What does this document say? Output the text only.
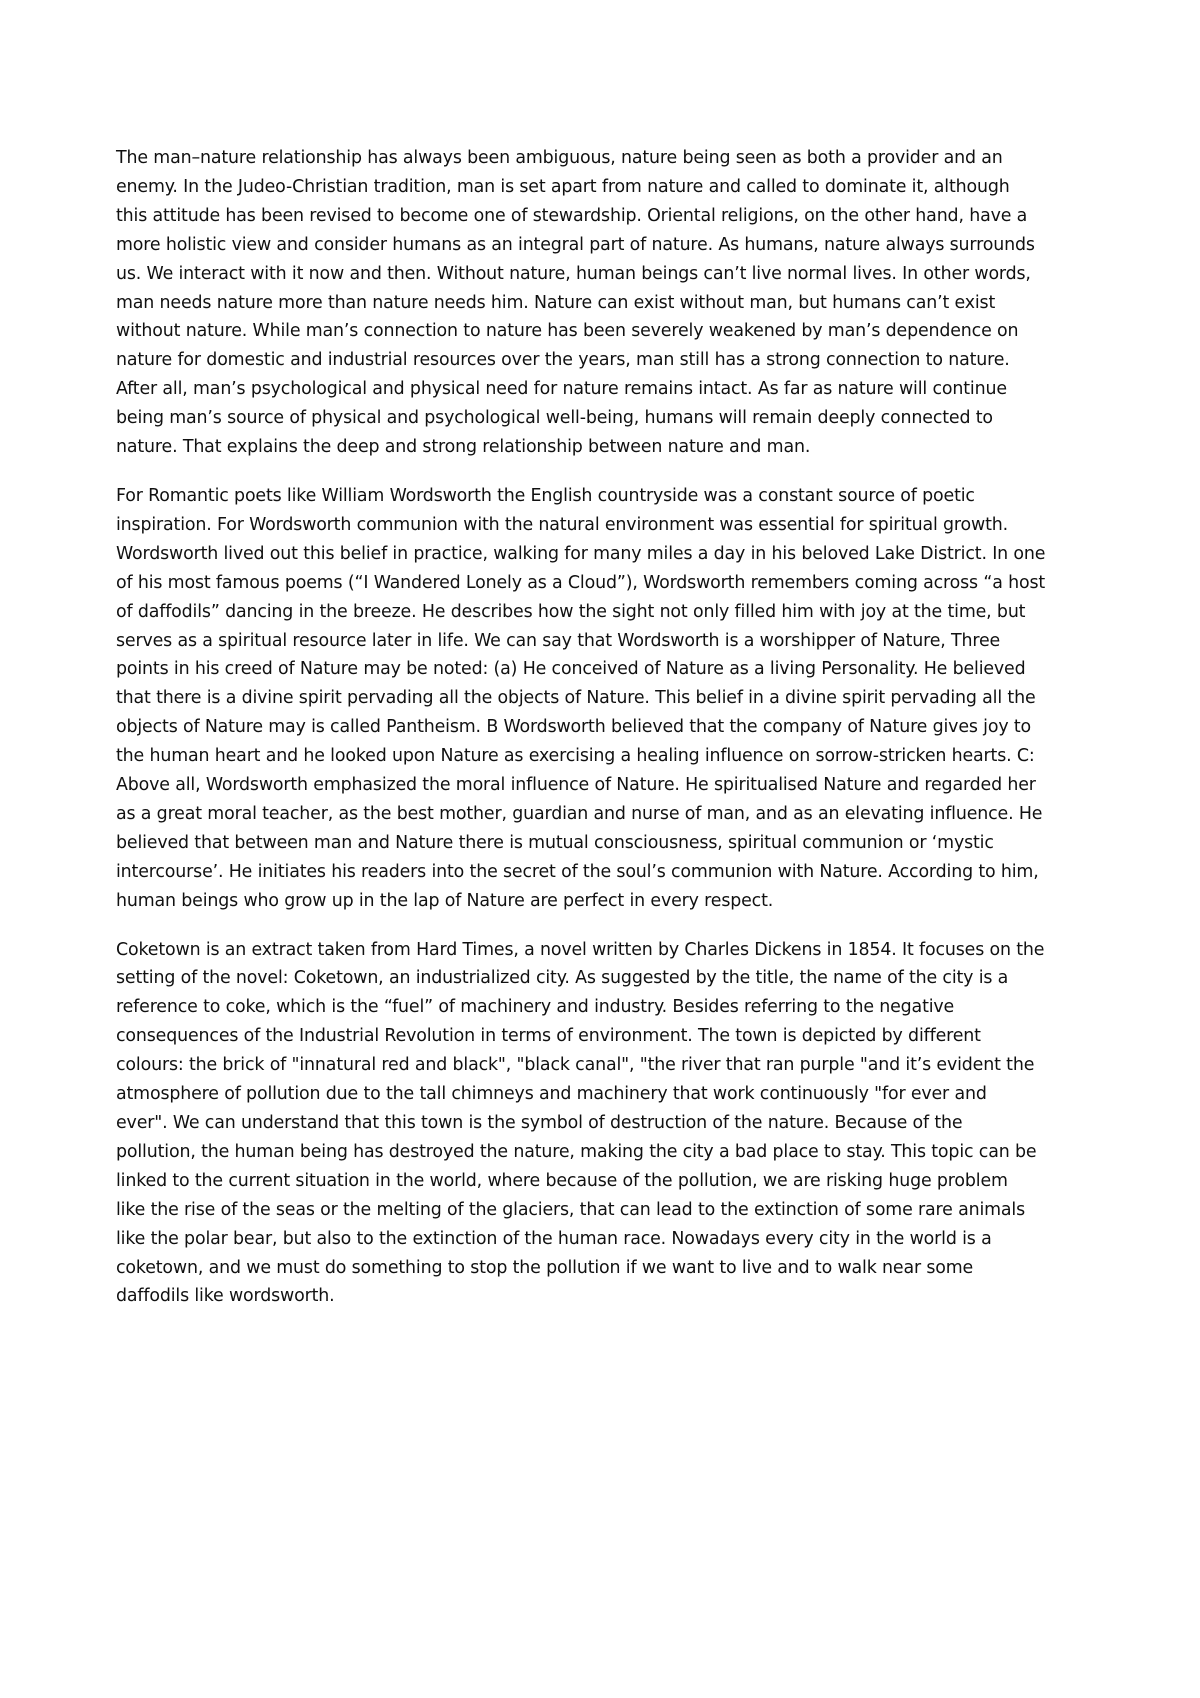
The man–nature relationship has always been ambiguous, nature being seen as both a provider and an
enemy. In the Judeo-Christian tradition, man is set apart from nature and called to dominate it, although
this attitude has been revised to become one of stewardship. Oriental religions, on the other hand, have a
more holistic view and consider humans as an integral part of nature. As humans, nature always surrounds
us. We interact with it now and then. Without nature, human beings can’t live normal lives. In other words,
man needs nature more than nature needs him. Nature can exist without man, but humans can’t exist
without nature. While man’s connection to nature has been severely weakened by man’s dependence on
nature for domestic and industrial resources over the years, man still has a strong connection to nature.
After all, man’s psychological and physical need for nature remains intact. As far as nature will continue
being man’s source of physical and psychological well-being, humans will remain deeply connected to
nature. That explains the deep and strong relationship between nature and man.

For Romantic poets like William Wordsworth the English countryside was a constant source of poetic
inspiration. For Wordsworth communion with the natural environment was essential for spiritual growth.
Wordsworth lived out this belief in practice, walking for many miles a day in his beloved Lake District. In one
of his most famous poems (“I Wandered Lonely as a Cloud”), Wordsworth remembers coming across “a host
of daffodils” dancing in the breeze. He describes how the sight not only filled him with joy at the time, but
serves as a spiritual resource later in life. We can say that Wordsworth is a worshipper of Nature, Three
points in his creed of Nature may be noted: (a) He conceived of Nature as a living Personality. He believed
that there is a divine spirit pervading all the objects of Nature. This belief in a divine spirit pervading all the
objects of Nature may is called Pantheism. B Wordsworth believed that the company of Nature gives joy to
the human heart and he looked upon Nature as exercising a healing influence on sorrow-stricken hearts. C:
Above all, Wordsworth emphasized the moral influence of Nature. He spiritualised Nature and regarded her
as a great moral teacher, as the best mother, guardian and nurse of man, and as an elevating influence. He
believed that between man and Nature there is mutual consciousness, spiritual communion or ‘mystic
intercourse’. He initiates his readers into the secret of the soul’s communion with Nature. According to him,
human beings who grow up in the lap of Nature are perfect in every respect.

Coketown is an extract taken from Hard Times, a novel written by Charles Dickens in 1854. It focuses on the
setting of the novel: Coketown, an industrialized city. As suggested by the title, the name of the city is a
reference to coke, which is the “fuel” of machinery and industry. Besides referring to the negative
consequences of the Industrial Revolution in terms of environment. The town is depicted by different
colours: the brick of "innatural red and black", "black canal", "the river that ran purple "and it’s evident the
atmosphere of pollution due to the tall chimneys and machinery that work continuously "for ever and
ever". We can understand that this town is the symbol of destruction of the nature. Because of the
pollution, the human being has destroyed the nature, making the city a bad place to stay. This topic can be
linked to the current situation in the world, where because of the pollution, we are risking huge problem
like the rise of the seas or the melting of the glaciers, that can lead to the extinction of some rare animals
like the polar bear, but also to the extinction of the human race. Nowadays every city in the world is a
coketown, and we must do something to stop the pollution if we want to live and to walk near some
daffodils like wordsworth.
